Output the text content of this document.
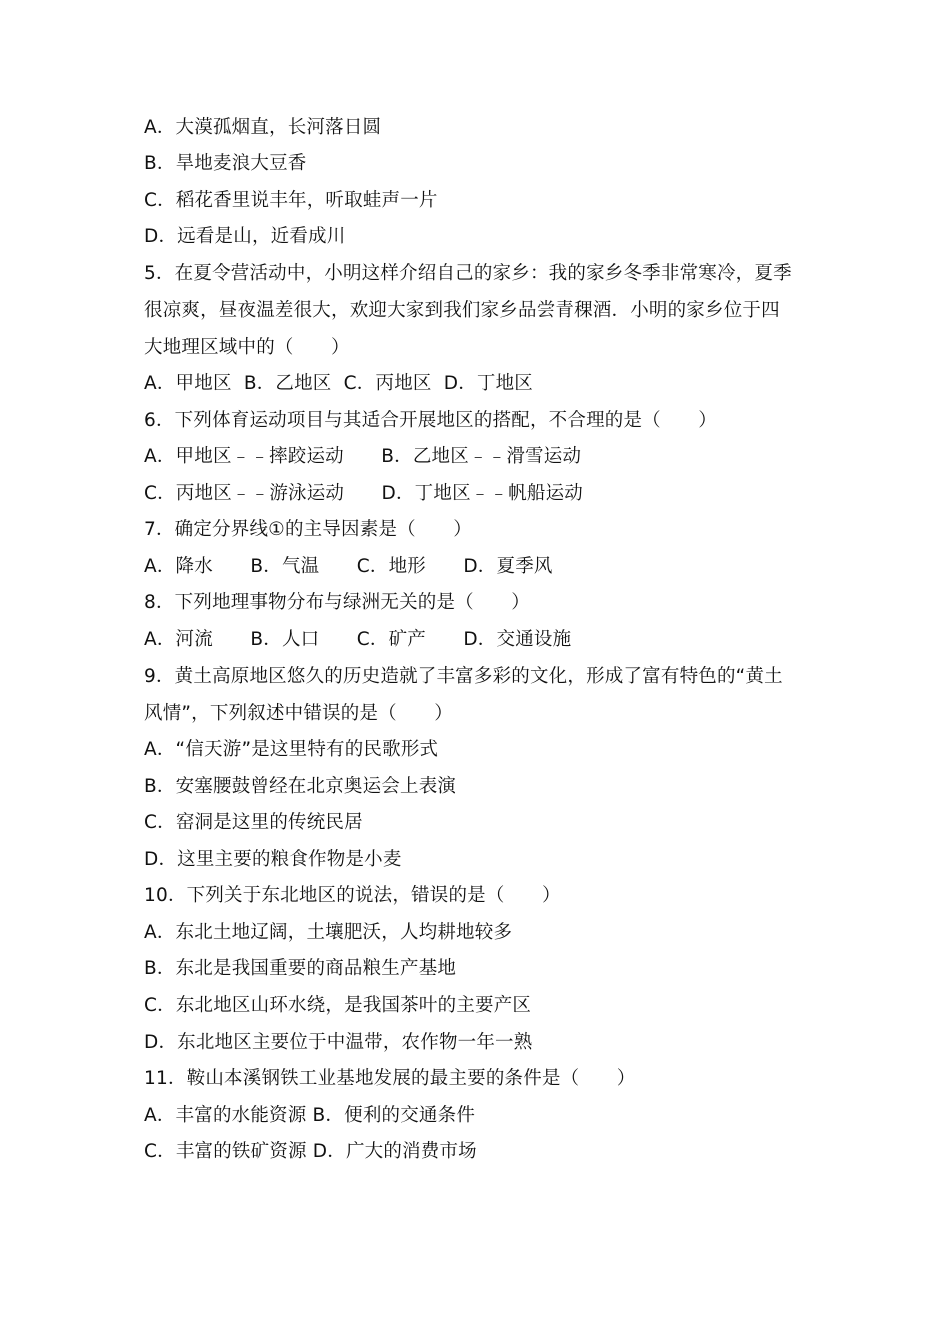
A．大漠孤烟直，长河落日圆
B．旱地麦浪大豆香
C．稻花香里说丰年，听取蛙声一片
D．远看是山，近看成川
5．在夏令营活动中，小明这样介绍自己的家乡：我的家乡冬季非常寒冷，夏季
很凉爽，昼夜温差很大，欢迎大家到我们家乡品尝青稞酒．小明的家乡位于四
大地理区域中的（　　）
A．甲地区  B．乙地区  C．丙地区  D．丁地区
6．下列体育运动项目与其适合开展地区的搭配，不合理的是（　　）
A．甲地区﹣﹣摔跤运动　　B．乙地区﹣﹣滑雪运动
C．丙地区﹣﹣游泳运动　　D．丁地区﹣﹣帆船运动
7．确定分界线①的主导因素是（　　）
A．降水　　B．气温　　C．地形　　D．夏季风
8．下列地理事物分布与绿洲无关的是（　　）
A．河流　　B．人口　　C．矿产　　D．交通设施
9．黄土高原地区悠久的历史造就了丰富多彩的文化，形成了富有特色的“黄土
风情”，下列叙述中错误的是（　　）
A．“信天游”是这里特有的民歌形式
B．安塞腰鼓曾经在北京奥运会上表演
C．窑洞是这里的传统民居
D．这里主要的粮食作物是小麦
10．下列关于东北地区的说法，错误的是（　　）
A．东北土地辽阔，土壤肥沃，人均耕地较多
B．东北是我国重要的商品粮生产基地
C．东北地区山环水绕，是我国茶叶的主要产区
D．东北地区主要位于中温带，农作物一年一熟
11．鞍山本溪钢铁工业基地发展的最主要的条件是（　　）
A．丰富的水能资源 B．便利的交通条件
C．丰富的铁矿资源 D．广大的消费市场
